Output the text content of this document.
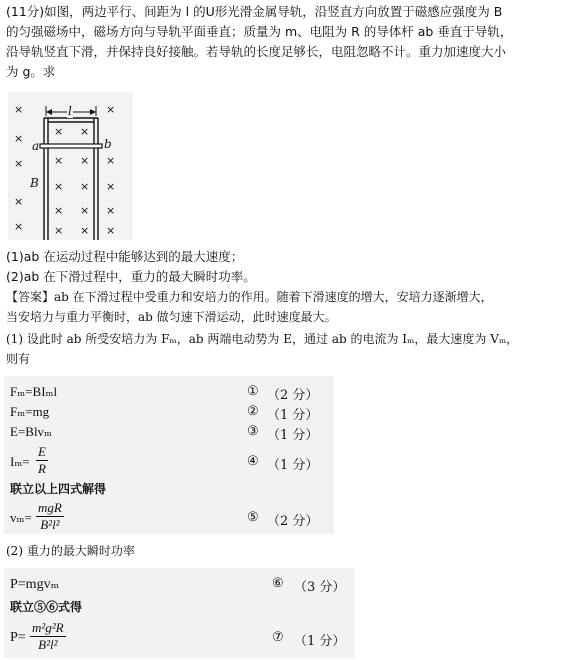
(11分)如图，两边平行、间距为 l 的U形光滑金属导轨，沿竖直方向放置于磁感应强度为 B
的匀强磁场中，磁场方向与导轨平面垂直；质量为 m、电阻为 R 的导体杆 ab 垂直于导轨，
沿导轨竖直下滑，并保持良好接触。若导轨的长度足够长，电阻忽略不计。重力加速度大小
为 g。求
l
a	b
B
×	×
× ×
×
×
×	× ×
× × ×
×
× × ×
×	× × ×
(1)ab 在运动过程中能够达到的最大速度；
(2)ab 在下滑过程中，重力的最大瞬时功率。
【答案】ab 在下滑过程中受重力和安培力的作用。随着下滑速度的增大，安培力逐渐增大，
当安培力与重力平衡时，ab 做匀速下滑运动，此时速度最大。
(1) 设此时 ab 所受安培力为 Fₘ，ab 两端电动势为 E，通过 ab 的电流为 Iₘ，最大速度为 Vₘ，
则有
Fₘ=BIₘl	① （2 分）
Fₘ=mg	② （1 分）
E=Blvₘ	③ （1 分）
$I_m= \frac{E}{R}$	④ （1 分）
联立以上四式解得
vₘ=
mgR
B²l²	⑤ （2 分）
(2) 重力的最大瞬时功率
P=mgvₘ	⑥ （3 分）
联立⑤⑥式得
$P= \frac{\text{m²g²R}}{\text{B²l²}}$	⑦ （1 分）
